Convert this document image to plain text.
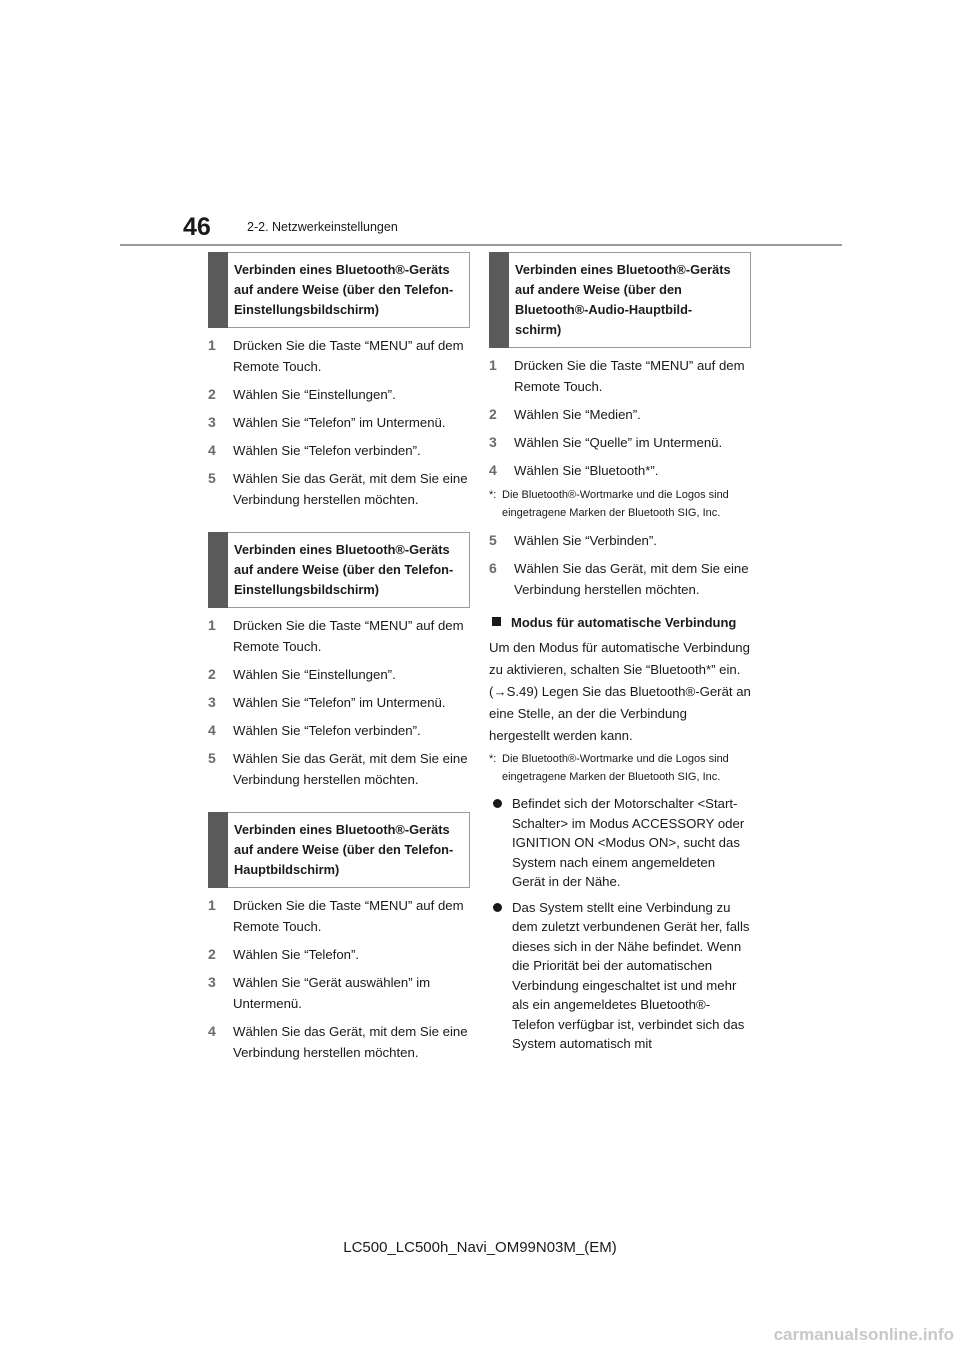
46	2-2. Netzwerkeinstellungen
Verbinden eines Bluetooth®-Geräts
auf andere Weise (über den Telefon-
Einstellungsbildschirm)
1	Drücken Sie die Taste “MENU” auf dem Remote Touch.
2	Wählen Sie “Einstellungen”.
3	Wählen Sie “Telefon” im Untermenü.
4	Wählen Sie “Telefon verbinden”.
5	Wählen Sie das Gerät, mit dem Sie eine Verbindung herstellen möchten.
Verbinden eines Bluetooth®-Geräts
auf andere Weise (über den Telefon-
Einstellungsbildschirm)
1	Drücken Sie die Taste “MENU” auf dem Remote Touch.
2	Wählen Sie “Einstellungen”.
3	Wählen Sie “Telefon” im Untermenü.
4	Wählen Sie “Telefon verbinden”.
5	Wählen Sie das Gerät, mit dem Sie eine Verbindung herstellen möchten.
Verbinden eines Bluetooth®-Geräts
auf andere Weise (über den Telefon-
Hauptbildschirm)
1	Drücken Sie die Taste “MENU” auf dem Remote Touch.
2	Wählen Sie “Telefon”.
3	Wählen Sie “Gerät auswählen” im Untermenü.
4	Wählen Sie das Gerät, mit dem Sie eine Verbindung herstellen möchten.
Verbinden eines Bluetooth®-Geräts
auf andere Weise (über den
Bluetooth®-Audio-Hauptbild-
schirm)
1	Drücken Sie die Taste “MENU” auf dem Remote Touch.
2	Wählen Sie “Medien”.
3	Wählen Sie “Quelle” im Untermenü.
4	Wählen Sie “Bluetooth*”.
*: Die Bluetooth®-Wortmarke und die Logos sind eingetragene Marken der Bluetooth SIG, Inc.
5	Wählen Sie “Verbinden”.
6	Wählen Sie das Gerät, mit dem Sie eine Verbindung herstellen möchten.
Modus für automatische Verbindung
Um den Modus für automatische Verbindung zu aktivieren, schalten Sie “Bluetooth*” ein. (→S.49) Legen Sie das Bluetooth®-Gerät an eine Stelle, an der die Verbindung hergestellt werden kann.
*: Die Bluetooth®-Wortmarke und die Logos sind eingetragene Marken der Bluetooth SIG, Inc.
Befindet sich der Motorschalter <Start-Schalter> im Modus ACCESSORY oder IGNITION ON <Modus ON>, sucht das System nach einem angemeldeten Gerät in der Nähe.
Das System stellt eine Verbindung zu dem zuletzt verbundenen Gerät her, falls dieses sich in der Nähe befindet. Wenn die Priorität bei der automatischen Verbindung eingeschaltet ist und mehr als ein angemeldetes Bluetooth®-Telefon verfügbar ist, verbindet sich das System automatisch mit
LC500_LC500h_Navi_OM99N03M_(EM)
carmanualsonline.info
